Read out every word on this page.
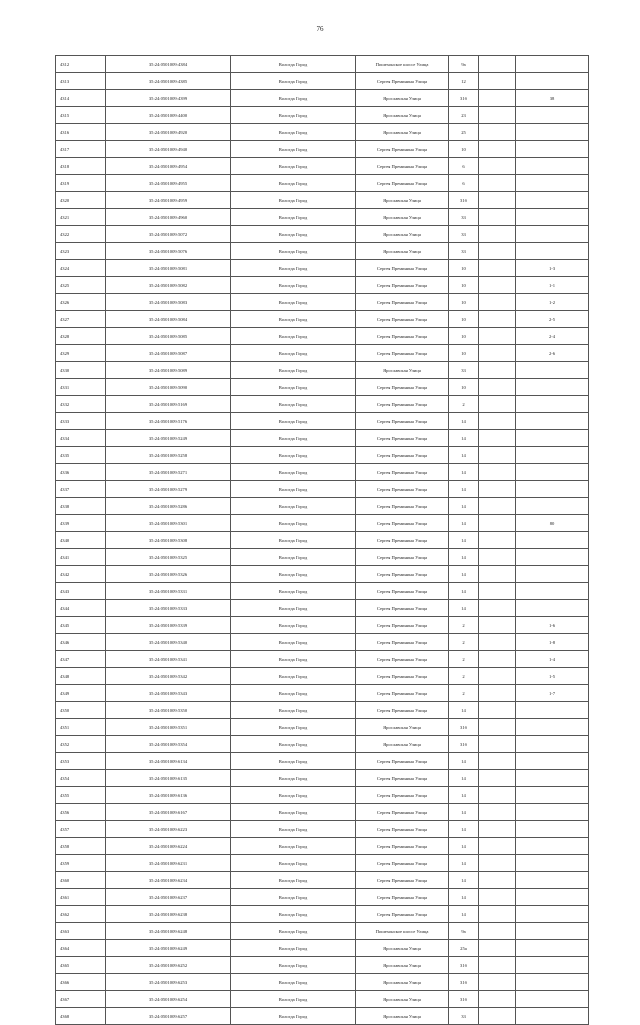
76
4312	35:24:0501009:4384	Вологда Город	Пошехонское шоссе Улица	9а		
4313	35:24:0501009:4385	Вологда Город	Сергея Преминина Улица	12		
4314	35:24:0501009:4399	Вологда Город	Ярославская Улица	31б		38
4315	35:24:0501009:4400	Вологда Город	Ярославская Улица	23		
4316	35:24:0501009:4920	Вологда Город	Ярославская Улица	25		
4317	35:24:0501009:4940	Вологда Город	Сергея Преминина Улица	10		
4318	35:24:0501009:4954	Вологда Город	Сергея Преминина Улица	6		
4319	35:24:0501009:4955	Вологда Город	Сергея Преминина Улица	6		
4320	35:24:0501009:4959	Вологда Город	Ярославская Улица	31б		
4321	35:24:0501009:4960	Вологда Город	Ярославская Улица	33		
4322	35:24:0501009:5072	Вологда Город	Ярославская Улица	33		
4323	35:24:0501009:5076	Вологда Город	Ярославская Улица	33		
4324	35:24:0501009:5081	Вологда Город	Сергея Преминина Улица	10		1-3
4325	35:24:0501009:5082	Вологда Город	Сергея Преминина Улица	10		1-1
4326	35:24:0501009:5083	Вологда Город	Сергея Преминина Улица	10		1-2
4327	35:24:0501009:5084	Вологда Город	Сергея Преминина Улица	10		2-5
4328	35:24:0501009:5085	Вологда Город	Сергея Преминина Улица	10		2-4
4329	35:24:0501009:5087	Вологда Город	Сергея Преминина Улица	10		2-6
4330	35:24:0501009:5089	Вологда Город	Ярославская Улица	33		
4331	35:24:0501009:5090	Вологда Город	Сергея Преминина Улица	10		
4332	35:24:0501009:5169	Вологда Город	Сергея Преминина Улица	2		
4333	35:24:0501009:5176	Вологда Город	Сергея Преминина Улица	14		
4334	35:24:0501009:5249	Вологда Город	Сергея Преминина Улица	14		
4335	35:24:0501009:5258	Вологда Город	Сергея Преминина Улица	14		
4336	35:24:0501009:5271	Вологда Город	Сергея Преминина Улица	14		
4337	35:24:0501009:5279	Вологда Город	Сергея Преминина Улица	14		
4338	35:24:0501009:5286	Вологда Город	Сергея Преминина Улица	14		
4339	35:24:0501009:5301	Вологда Город	Сергея Преминина Улица	14		80
4340	35:24:0501009:5308	Вологда Город	Сергея Преминина Улица	14		
4341	35:24:0501009:5325	Вологда Город	Сергея Преминина Улица	14		
4342	35:24:0501009:5326	Вологда Город	Сергея Преминина Улица	14		
4343	35:24:0501009:5331	Вологда Город	Сергея Преминина Улица	14		
4344	35:24:0501009:5333	Вологда Город	Сергея Преминина Улица	14		
4345	35:24:0501009:5339	Вологда Город	Сергея Преминина Улица	2		1-6
4346	35:24:0501009:5340	Вологда Город	Сергея Преминина Улица	2		1-8
4347	35:24:0501009:5341	Вологда Город	Сергея Преминина Улица	2		1-4
4348	35:24:0501009:5342	Вологда Город	Сергея Преминина Улица	2		1-5
4349	35:24:0501009:5343	Вологда Город	Сергея Преминина Улица	2		1-7
4350	35:24:0501009:5350	Вологда Город	Сергея Преминина Улица	14		
4351	35:24:0501009:5351	Вологда Город	Ярославская Улица	31б		
4352	35:24:0501009:5354	Вологда Город	Ярославская Улица	31б		
4353	35:24:0501009:6134	Вологда Город	Сергея Преминина Улица	14		
4354	35:24:0501009:6135	Вологда Город	Сергея Преминина Улица	14		
4355	35:24:0501009:6136	Вологда Город	Сергея Преминина Улица	14		
4356	35:24:0501009:6167	Вологда Город	Сергея Преминина Улица	14		
4357	35:24:0501009:6223	Вологда Город	Сергея Преминина Улица	14		
4358	35:24:0501009:6224	Вологда Город	Сергея Преминина Улица	14		
4359	35:24:0501009:6231	Вологда Город	Сергея Преминина Улица	14		
4360	35:24:0501009:6234	Вологда Город	Сергея Преминина Улица	14		
4361	35:24:0501009:6237	Вологда Город	Сергея Преминина Улица	14		
4362	35:24:0501009:6238	Вологда Город	Сергея Преминина Улица	14		
4363	35:24:0501009:6248	Вологда Город	Пошехонское шоссе Улица	9а		
4364	35:24:0501009:6249	Вологда Город	Ярославская Улица	25а		
4365	35:24:0501009:6252	Вологда Город	Ярославская Улица	31б		
4366	35:24:0501009:6253	Вологда Город	Ярославская Улица	31б		
4367	35:24:0501009:6254	Вологда Город	Ярославская Улица	31б		
4368	35:24:0501009:6257	Вологда Город	Ярославская Улица	33		
